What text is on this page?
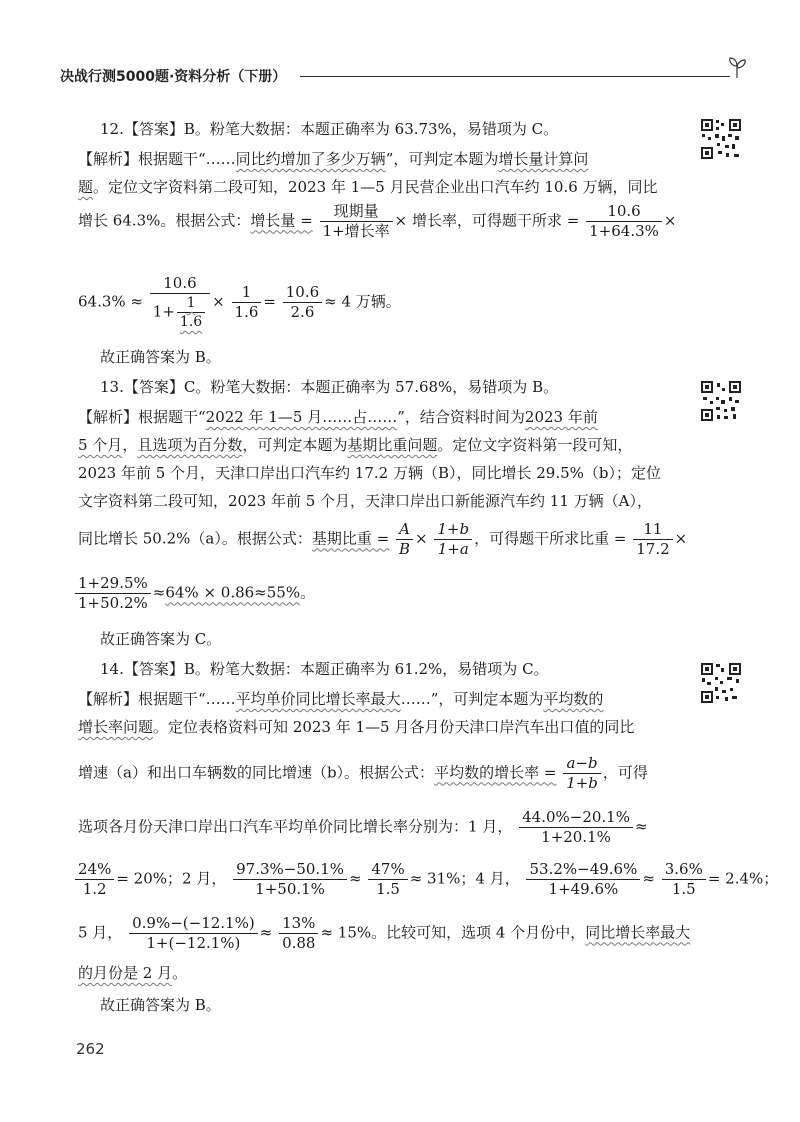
决战行测5000题·资料分析（下册）
12.【答案】B。粉笔大数据：本题正确率为 63.73%，易错项为 C。
【解析】根据题干“……同比约增加了多少万辆”，可判定本题为增长量计算问
题。定位文字资料第二段可知，2023 年 1—5 月民营企业出口汽车约 10.6 万辆，同比
增长 64.3%。根据公式：增长量 = $\frac{\text{现期量}}{\text{1+增长率}}$ × 增长率，可得题干所求 = $\frac{10.6}{1+64.3\%}$ ×
$64.3\% \approx \frac{10.6}{1+ \frac{1}{1.6}} \times \frac{1}{1.6} = \frac{10.6}{2.6} \approx 4$ 万辆。
故正确答案为 B。
13.【答案】C。粉笔大数据：本题正确率为 57.68%，易错项为 B。
【解析】根据题干“2022 年 1—5 月……占……”，结合资料时间为2023 年前
5 个月，且选项为百分数，可判定本题为基期比重问题。定位文字资料第一段可知，
2023 年前 5 个月，天津口岸出口汽车约 17.2 万辆（B），同比增长 29.5%（b）；定位
文字资料第二段可知，2023 年前 5 个月，天津口岸出口新能源汽车约 11 万辆（A），
同比增长 50.2%（a）。根据公式：基期比重 = $\frac{A}{B} \times \frac{1+b}{1+a}$ ，可得题干所求比重 = $\frac{11}{17.2}$ ×
$\frac{1+29.5\%}{1+50.2\%} \approx 64\% \times 0.86\approx 55\%$。
故正确答案为 C。
14.【答案】B。粉笔大数据：本题正确率为 61.2%，易错项为 C。
【解析】根据题干“……平均单价同比增长率最大……”，可判定本题为平均数的
增长率问题。定位表格资料可知 2023 年 1—5 月各月份天津口岸汽车出口值的同比
增速（a）和出口车辆数的同比增速（b）。根据公式：平均数的增长率 = $\frac{a-b}{1+b}$ ，可得
选项各月份天津口岸出口汽车平均单价同比增长率分别为：1 月， $\frac{44.0\%-20.1\%}{1+20.1\%}$ ≈
$\frac{24\%}{1.2} = 20\%$；2 月， $\frac{97.3\%-50.1\%}{1+50.1\%} \approx \frac{47\%}{1.5} \approx 31\%$；4 月， $\frac{53.2\%-49.6\%}{1+49.6\%} \approx \frac{3.6\%}{1.5} = 2.4\%$；
5 月， $\frac{0.9\%-(-12.1\%)}{1+(-12.1\%)} \approx \frac{13\%}{0.88} \approx 15\%$。比较可知，选项 4 个月份中，同比增长率最大
的月份是 2 月。
故正确答案为 B。
262
